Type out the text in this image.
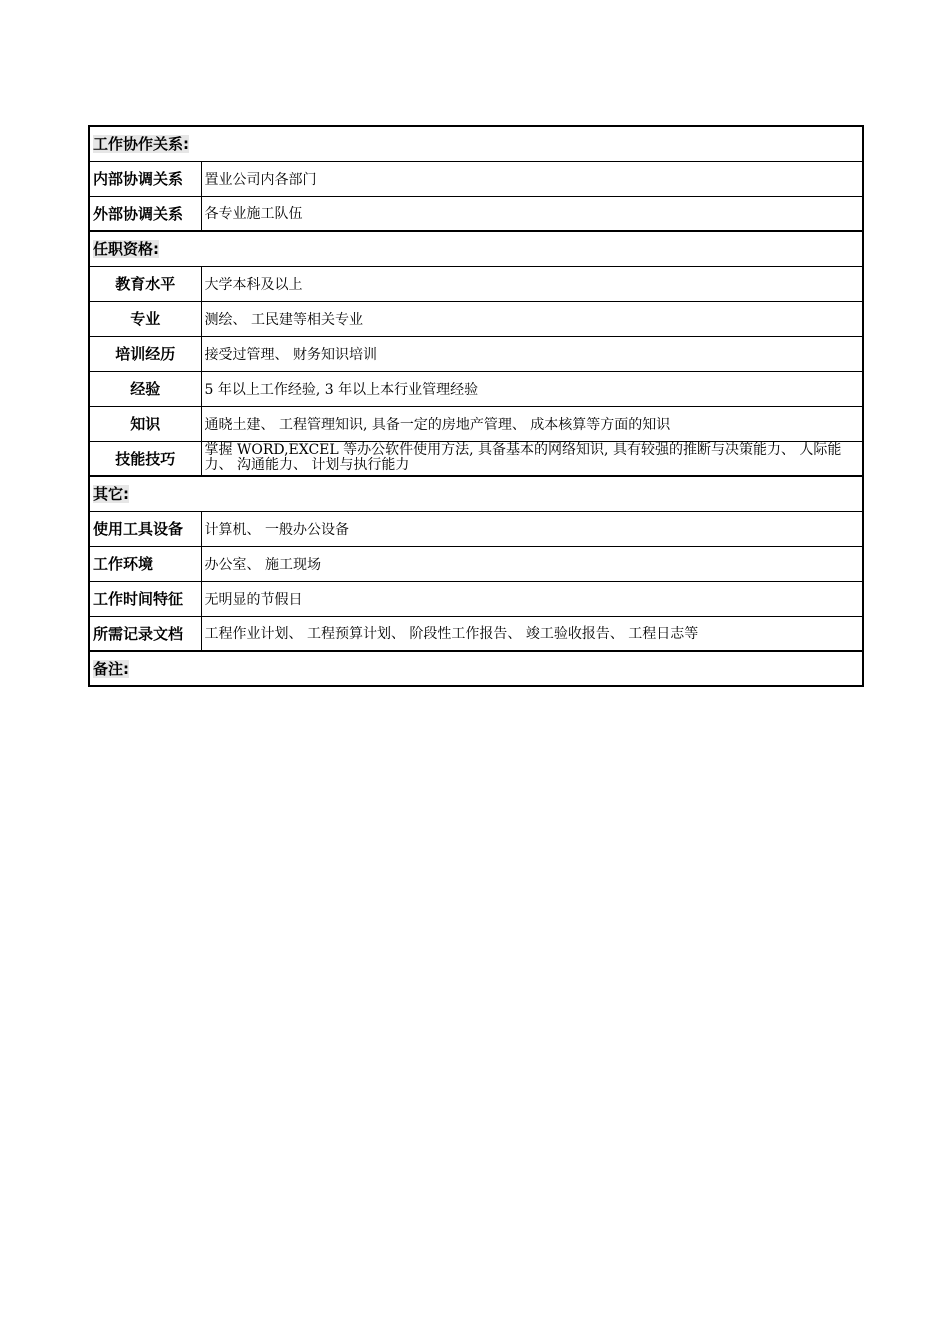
工作协作关系:	
内部协调关系	置业公司内各部门
外部协调关系	各专业施工队伍
任职资格:	
教育水平	大学本科及以上
专业	测绘、 工民建等相关专业
培训经历	接受过管理、 财务知识培训
经验	5 年以上工作经验, 3 年以上本行业管理经验
知识	通晓土建、 工程管理知识, 具备一定的房地产管理、 成本核算等方面的知识
技能技巧	掌握 WORD,EXCEL 等办公软件使用方法, 具备基本的网络知识, 具有较强的推断与决策能力、 人际能力、 沟通能力、 计划与执行能力
其它:	
使用工具设备	计算机、 一般办公设备
工作环境	办公室、 施工现场
工作时间特征	无明显的节假日
所需记录文档	工程作业计划、 工程预算计划、 阶段性工作报告、 竣工验收报告、 工程日志等
备注:	
